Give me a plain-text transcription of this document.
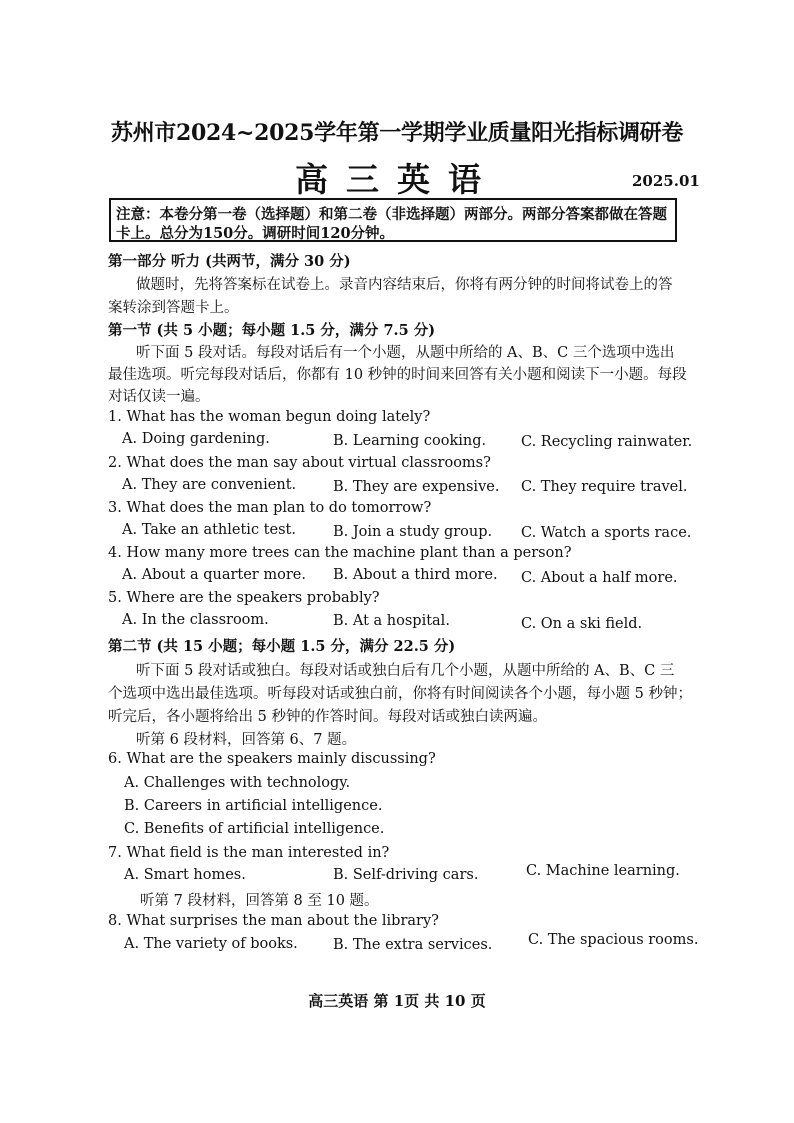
苏州市2024~2025学年第一学期学业质量阳光指标调研卷
高三英语	2025.01
注意：本卷分第一卷（选择题）和第二卷（非选择题）两部分。两部分答案都做在答题
卡上。总分为150分。调研时间120分钟。
第一部分 听力 (共两节，满分 30 分)
做题时，先将答案标在试卷上。录音内容结束后，你将有两分钟的时间将试卷上的答
案转涂到答题卡上。
第一节 (共 5 小题；每小题 1.5 分，满分 7.5 分)
听下面 5 段对话。每段对话后有一个小题，从题中所给的 A、B、C 三个选项中选出
最佳选项。听完每段对话后，你都有 10 秒钟的时间来回答有关小题和阅读下一小题。每段
对话仅读一遍。
1. What has the woman begun doing lately?
A. Doing gardening.	B. Learning cooking. C. Recycling rainwater.
2. What does the man say about virtual classrooms?
A. They are convenient.	B. They are expensive. C. They require travel.
3. What does the man plan to do tomorrow?
A. Take an athletic test.	B. Join a study group. C. Watch a sports race.
4. How many more trees can the machine plant than a person?
A. About a quarter more. B. About a third more. C. About a half more.
5. Where are the speakers probably?
A. In the classroom.	B. At a hospital.	C. On a ski field.
第二节 (共 15 小题；每小题 1.5 分，满分 22.5 分)
听下面 5 段对话或独白。每段对话或独白后有几个小题，从题中所给的 A、B、C 三
个选项中选出最佳选项。听每段对话或独白前，你将有时间阅读各个小题，每小题 5 秒钟；
听完后，各小题将给出 5 秒钟的作答时间。每段对话或独白读两遍。
听第 6 段材料，回答第 6、7 题。
6. What are the speakers mainly discussing?
A. Challenges with technology.
B. Careers in artificial intelligence.
C. Benefits of artificial intelligence.
7. What field is the man interested in?
A. Smart homes.	B. Self-driving cars.	C. Machine learning.
听第 7 段材料，回答第 8 至 10 题。
8. What surprises the man about the library?
A. The variety of books. B. The extra services. C. The spacious rooms.
高三英语 第 1页 共 10 页
